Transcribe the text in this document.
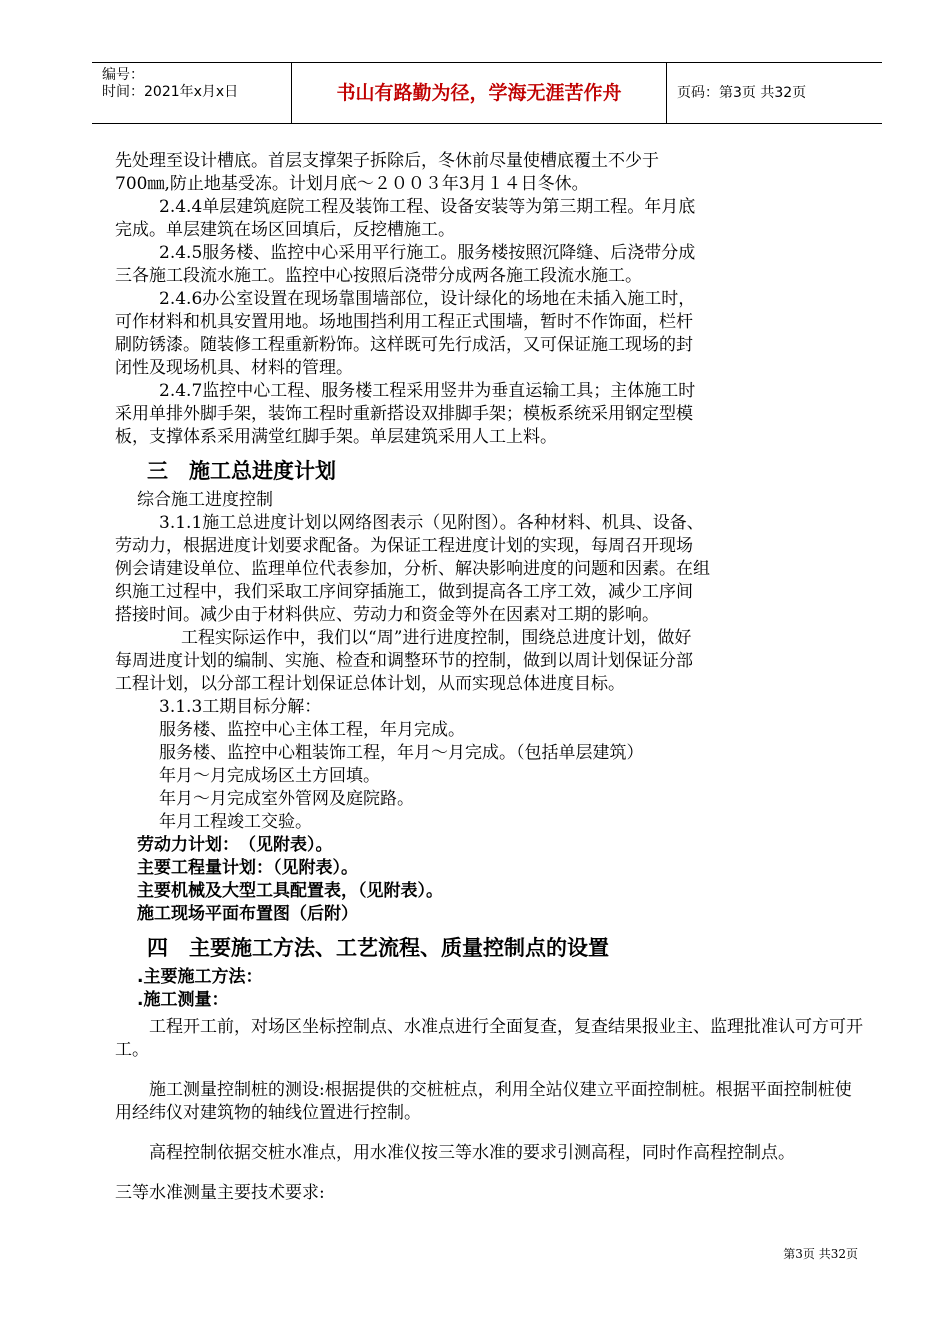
编号：
时间：2021年x月x日	书山有路勤为径，学海无涯苦作舟	页码：第3页 共32页

先处理至设计槽底。首层支撑架子拆除后，冬休前尽量使槽底覆土不少于

700㎜,防止地基受冻。计划月底～２００３年3月１４日冬休。

2.4.4单层建筑庭院工程及装饰工程、设备安装等为第三期工程。年月底

完成。单层建筑在场区回填后，反挖槽施工。

2.4.5服务楼、监控中心采用平行施工。服务楼按照沉降缝、后浇带分成

三各施工段流水施工。监控中心按照后浇带分成两各施工段流水施工。

2.4.6办公室设置在现场靠围墙部位，设计绿化的场地在未插入施工时，

可作材料和机具安置用地。场地围挡利用工程正式围墙，暂时不作饰面，栏杆

刷防锈漆。随装修工程重新粉饰。这样既可先行成活，又可保证施工现场的封

闭性及现场机具、材料的管理。

2.4.7监控中心工程、服务楼工程采用竖井为垂直运输工具；主体施工时

采用单排外脚手架，装饰工程时重新搭设双排脚手架；模板系统采用钢定型模

板，支撑体系采用满堂红脚手架。单层建筑采用人工上料。

三　施工总进度计划

综合施工进度控制

3.1.1施工总进度计划以网络图表示（见附图）。各种材料、机具、设备、

劳动力，根据进度计划要求配备。为保证工程进度计划的实现，每周召开现场

例会请建设单位、监理单位代表参加，分析、解决影响进度的问题和因素。在组

织施工过程中，我们采取工序间穿插施工，做到提高各工序工效，减少工序间

搭接时间。减少由于材料供应、劳动力和资金等外在因素对工期的影响。

工程实际运作中，我们以“周”进行进度控制，围绕总进度计划，做好

每周进度计划的编制、实施、检查和调整环节的控制，做到以周计划保证分部

工程计划，以分部工程计划保证总体计划，从而实现总体进度目标。

3.1.3工期目标分解：

服务楼、监控中心主体工程，年月完成。

服务楼、监控中心粗装饰工程，年月～月完成。（包括单层建筑）

年月～月完成场区土方回填。

年月～月完成室外管网及庭院路。

年月工程竣工交验。

劳动力计划：　（见附表）。

主要工程量计划：（见附表）。

主要机械及大型工具配置表，（见附表）。

施工现场平面布置图（后附）

四　主要施工方法、工艺流程、质量控制点的设置

.主要施工方法：

.施工测量：

　　工程开工前，对场区坐标控制点、水准点进行全面复查，复查结果报业主、监理批准认可方可开工。

　　施工测量控制桩的测设:根据提供的交桩桩点，利用全站仪建立平面控制桩。根据平面控制桩使用经纬仪对建筑物的轴线位置进行控制。

　　高程控制依据交桩水准点，用水准仪按三等水准的要求引测高程，同时作高程控制点。

三等水准测量主要技术要求:

第3页 共32页
